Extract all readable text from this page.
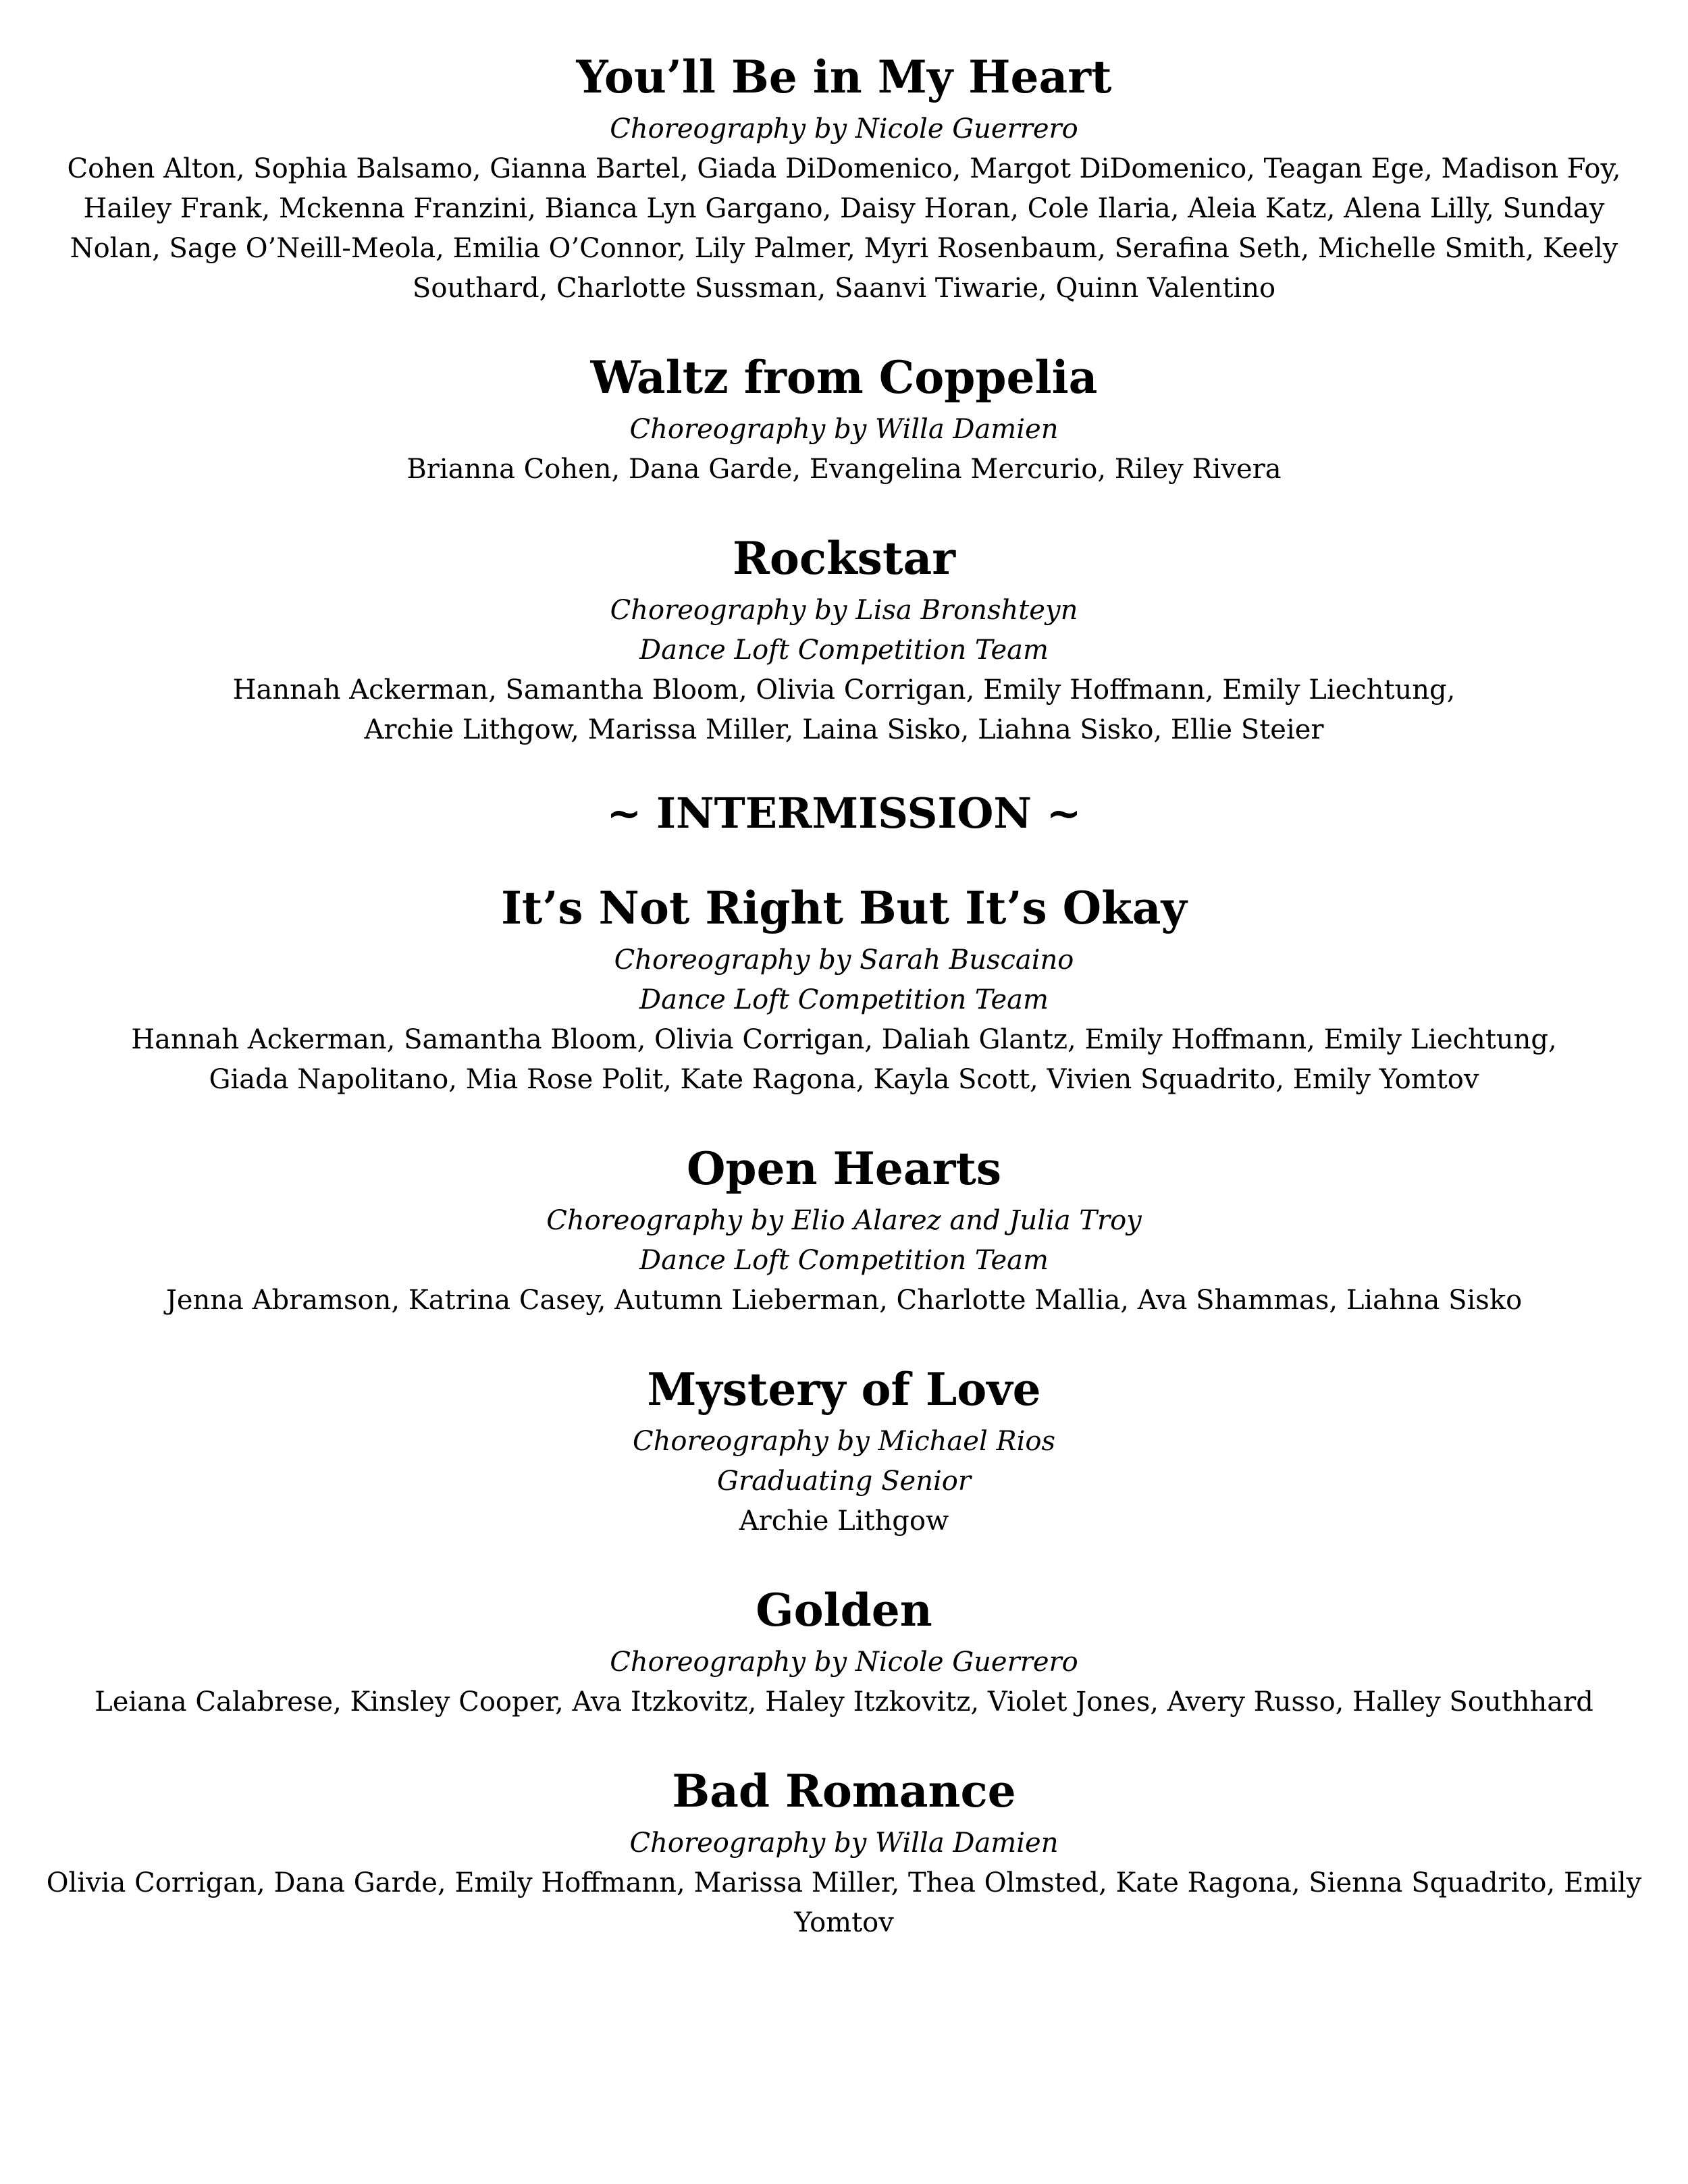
You’ll Be in My Heart
Choreography by Nicole Guerrero
Cohen Alton, Sophia Balsamo, Gianna Bartel, Giada DiDomenico, Margot DiDomenico, Teagan Ege, Madison Foy, Hailey Frank, Mckenna Franzini, Bianca Lyn Gargano, Daisy Horan, Cole Ilaria, Aleia Katz, Alena Lilly, Sunday Nolan, Sage O’Neill-Meola, Emilia O’Connor, Lily Palmer, Myri Rosenbaum, Serafina Seth, Michelle Smith, Keely Southard, Charlotte Sussman, Saanvi Tiwarie, Quinn Valentino
Waltz from Coppelia
Choreography by Willa Damien
Brianna Cohen, Dana Garde, Evangelina Mercurio, Riley Rivera
Rockstar
Choreography by Lisa Bronshteyn
Dance Loft Competition Team
Hannah Ackerman, Samantha Bloom, Olivia Corrigan, Emily Hoffmann, Emily Liechtung, Archie Lithgow, Marissa Miller, Laina Sisko, Liahna Sisko, Ellie Steier
~ INTERMISSION ~
It’s Not Right But It’s Okay
Choreography by Sarah Buscaino
Dance Loft Competition Team
Hannah Ackerman, Samantha Bloom, Olivia Corrigan, Daliah Glantz, Emily Hoffmann, Emily Liechtung, Giada Napolitano, Mia Rose Polit, Kate Ragona, Kayla Scott, Vivien Squadrito, Emily Yomtov
Open Hearts
Choreography by Elio Alarez and Julia Troy
Dance Loft Competition Team
Jenna Abramson, Katrina Casey, Autumn Lieberman, Charlotte Mallia, Ava Shammas, Liahna Sisko
Mystery of Love
Choreography by Michael Rios
Graduating Senior
Archie Lithgow
Golden
Choreography by Nicole Guerrero
Leiana Calabrese, Kinsley Cooper, Ava Itzkovitz, Haley Itzkovitz, Violet Jones, Avery Russo, Halley Southhard
Bad Romance
Choreography by Willa Damien
Olivia Corrigan, Dana Garde, Emily Hoffmann, Marissa Miller, Thea Olmsted, Kate Ragona, Sienna Squadrito, Emily Yomtov
